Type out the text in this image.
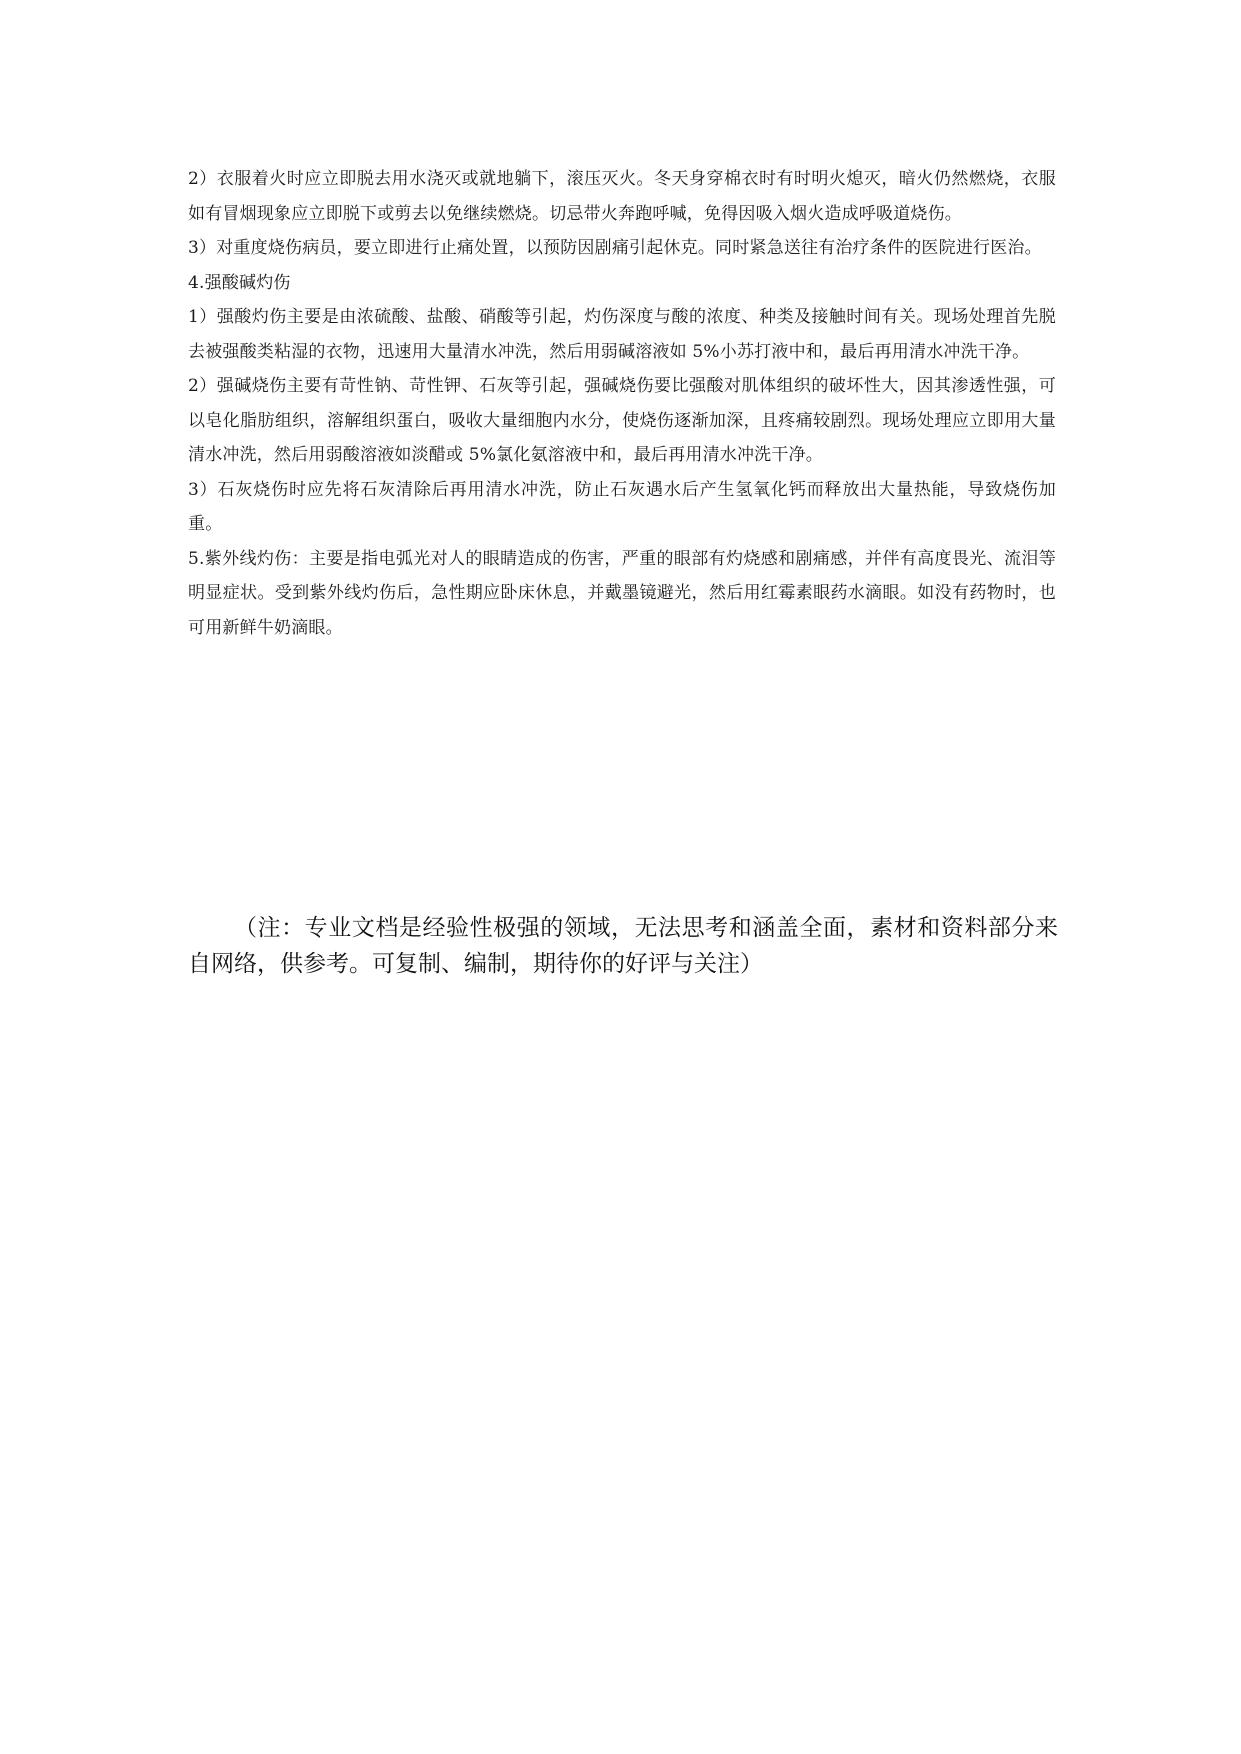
2）衣服着火时应立即脱去用水浇灭或就地躺下，滚压灭火。冬天身穿棉衣时有时明火熄灭，暗火仍然燃烧，衣服如有冒烟现象应立即脱下或剪去以免继续燃烧。切忌带火奔跑呼喊，免得因吸入烟火造成呼吸道烧伤。

3）对重度烧伤病员，要立即进行止痛处置，以预防因剧痛引起休克。同时紧急送往有治疗条件的医院进行医治。

4.强酸碱灼伤

1）强酸灼伤主要是由浓硫酸、盐酸、硝酸等引起，灼伤深度与酸的浓度、种类及接触时间有关。现场处理首先脱去被强酸类粘湿的衣物，迅速用大量清水冲洗，然后用弱碱溶液如 5%小苏打液中和，最后再用清水冲洗干净。

2）强碱烧伤主要有苛性钠、苛性钾、石灰等引起，强碱烧伤要比强酸对肌体组织的破坏性大，因其渗透性强，可以皂化脂肪组织，溶解组织蛋白，吸收大量细胞内水分，使烧伤逐渐加深，且疼痛较剧烈。现场处理应立即用大量清水冲洗，然后用弱酸溶液如淡醋或 5%氯化氨溶液中和，最后再用清水冲洗干净。

3）石灰烧伤时应先将石灰清除后再用清水冲洗，防止石灰遇水后产生氢氧化钙而释放出大量热能，导致烧伤加重。

5.紫外线灼伤：主要是指电弧光对人的眼睛造成的伤害，严重的眼部有灼烧感和剧痛感，并伴有高度畏光、流泪等明显症状。受到紫外线灼伤后，急性期应卧床休息，并戴墨镜避光，然后用红霉素眼药水滴眼。如没有药物时，也可用新鲜牛奶滴眼。

（注：专业文档是经验性极强的领域，无法思考和涵盖全面，素材和资料部分来自网络，供参考。可复制、编制，期待你的好评与关注）
